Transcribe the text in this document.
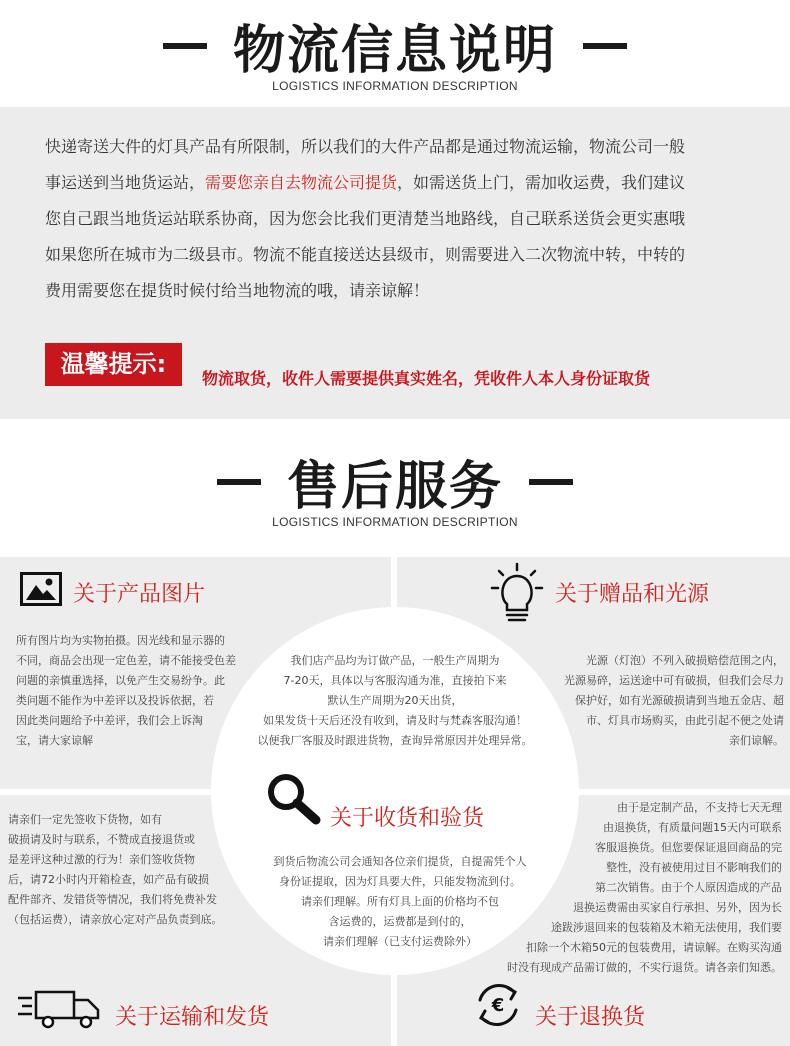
物流信息说明
LOGISTICS INFORMATION DESCRIPTION
快递寄送大件的灯具产品有所限制，所以我们的大件产品都是通过物流运输，物流公司一般
事运送到当地货运站，需要您亲自去物流公司提货，如需送货上门，需加收运费，我们建议
您自己跟当地货运站联系协商，因为您会比我们更清楚当地路线，自己联系送货会更实惠哦
如果您所在城市为二级县市。物流不能直接送达县级市，则需要进入二次物流中转，中转的
费用需要您在提货时候付给当地物流的哦，请亲谅解！
温馨提示:
物流取货，收件人需要提供真实姓名，凭收件人本人身份证取货
售后服务
LOGISTICS INFORMATION DESCRIPTION
关于产品图片
所有图片均为实物拍摄。因光线和显示器的
不同，商品会出现一定色差，请不能接受色差
问题的亲慎重选择，以免产生交易纷争。此
类问题不能作为中差评以及投诉依据，若
因此类问题给予中差评，我们会上诉淘
宝，请大家谅解
关于赠品和光源
光源（灯泡）不列入破损赔偿范围之内，
光源易碎，运送途中可有破损，但我们会尽力
保护好，如有光源破损请到当地五金店、超
市、灯具市场购买，由此引起不便之处请
亲们谅解。
我们店产品均为订做产品，一般生产周期为
7-20天，具体以与客服沟通为准，直接拍下来
默认生产周期为20天出货，
如果发货十天后还没有收到，请及时与梵森客服沟通！
以便我厂客服及时跟进货物，查询异常原因并处理异常。
关于收货和验货
到货后物流公司会通知各位亲们提货，自提需凭个人
身份证提取，因为灯具要大件，只能发物流到付。
请亲们理解。所有灯具上面的价格均不包
含运费的，运费都是到付的，
请亲们理解（已支付运费除外）
请亲们一定先签收下货物，如有
破损请及时与联系，不赞成直接退货或
是差评这种过激的行为！亲们签收货物
后，请72小时内开箱检查，如产品有破损
配件部齐、发错货等情况，我们将免费补发
（包括运费），请亲放心定对产品负责到底。
由于是定制产品，不支持七天无理
由退换货，有质量问题15天内可联系
客服退换货。但您要保证退回商品的完
整性，没有被使用过目不影响我们的
第二次销售。由于个人原因造成的产品
退换运费需由买家自行承担、另外，因为长
途跋涉退回来的包装箱及木箱无法使用，我们要
扣除一个木箱50元的包装费用，请谅解。在购买沟通
时没有现成产品需订做的，不实行退货。请各亲们知悉。
关于运输和发货	€ 关于退换货
